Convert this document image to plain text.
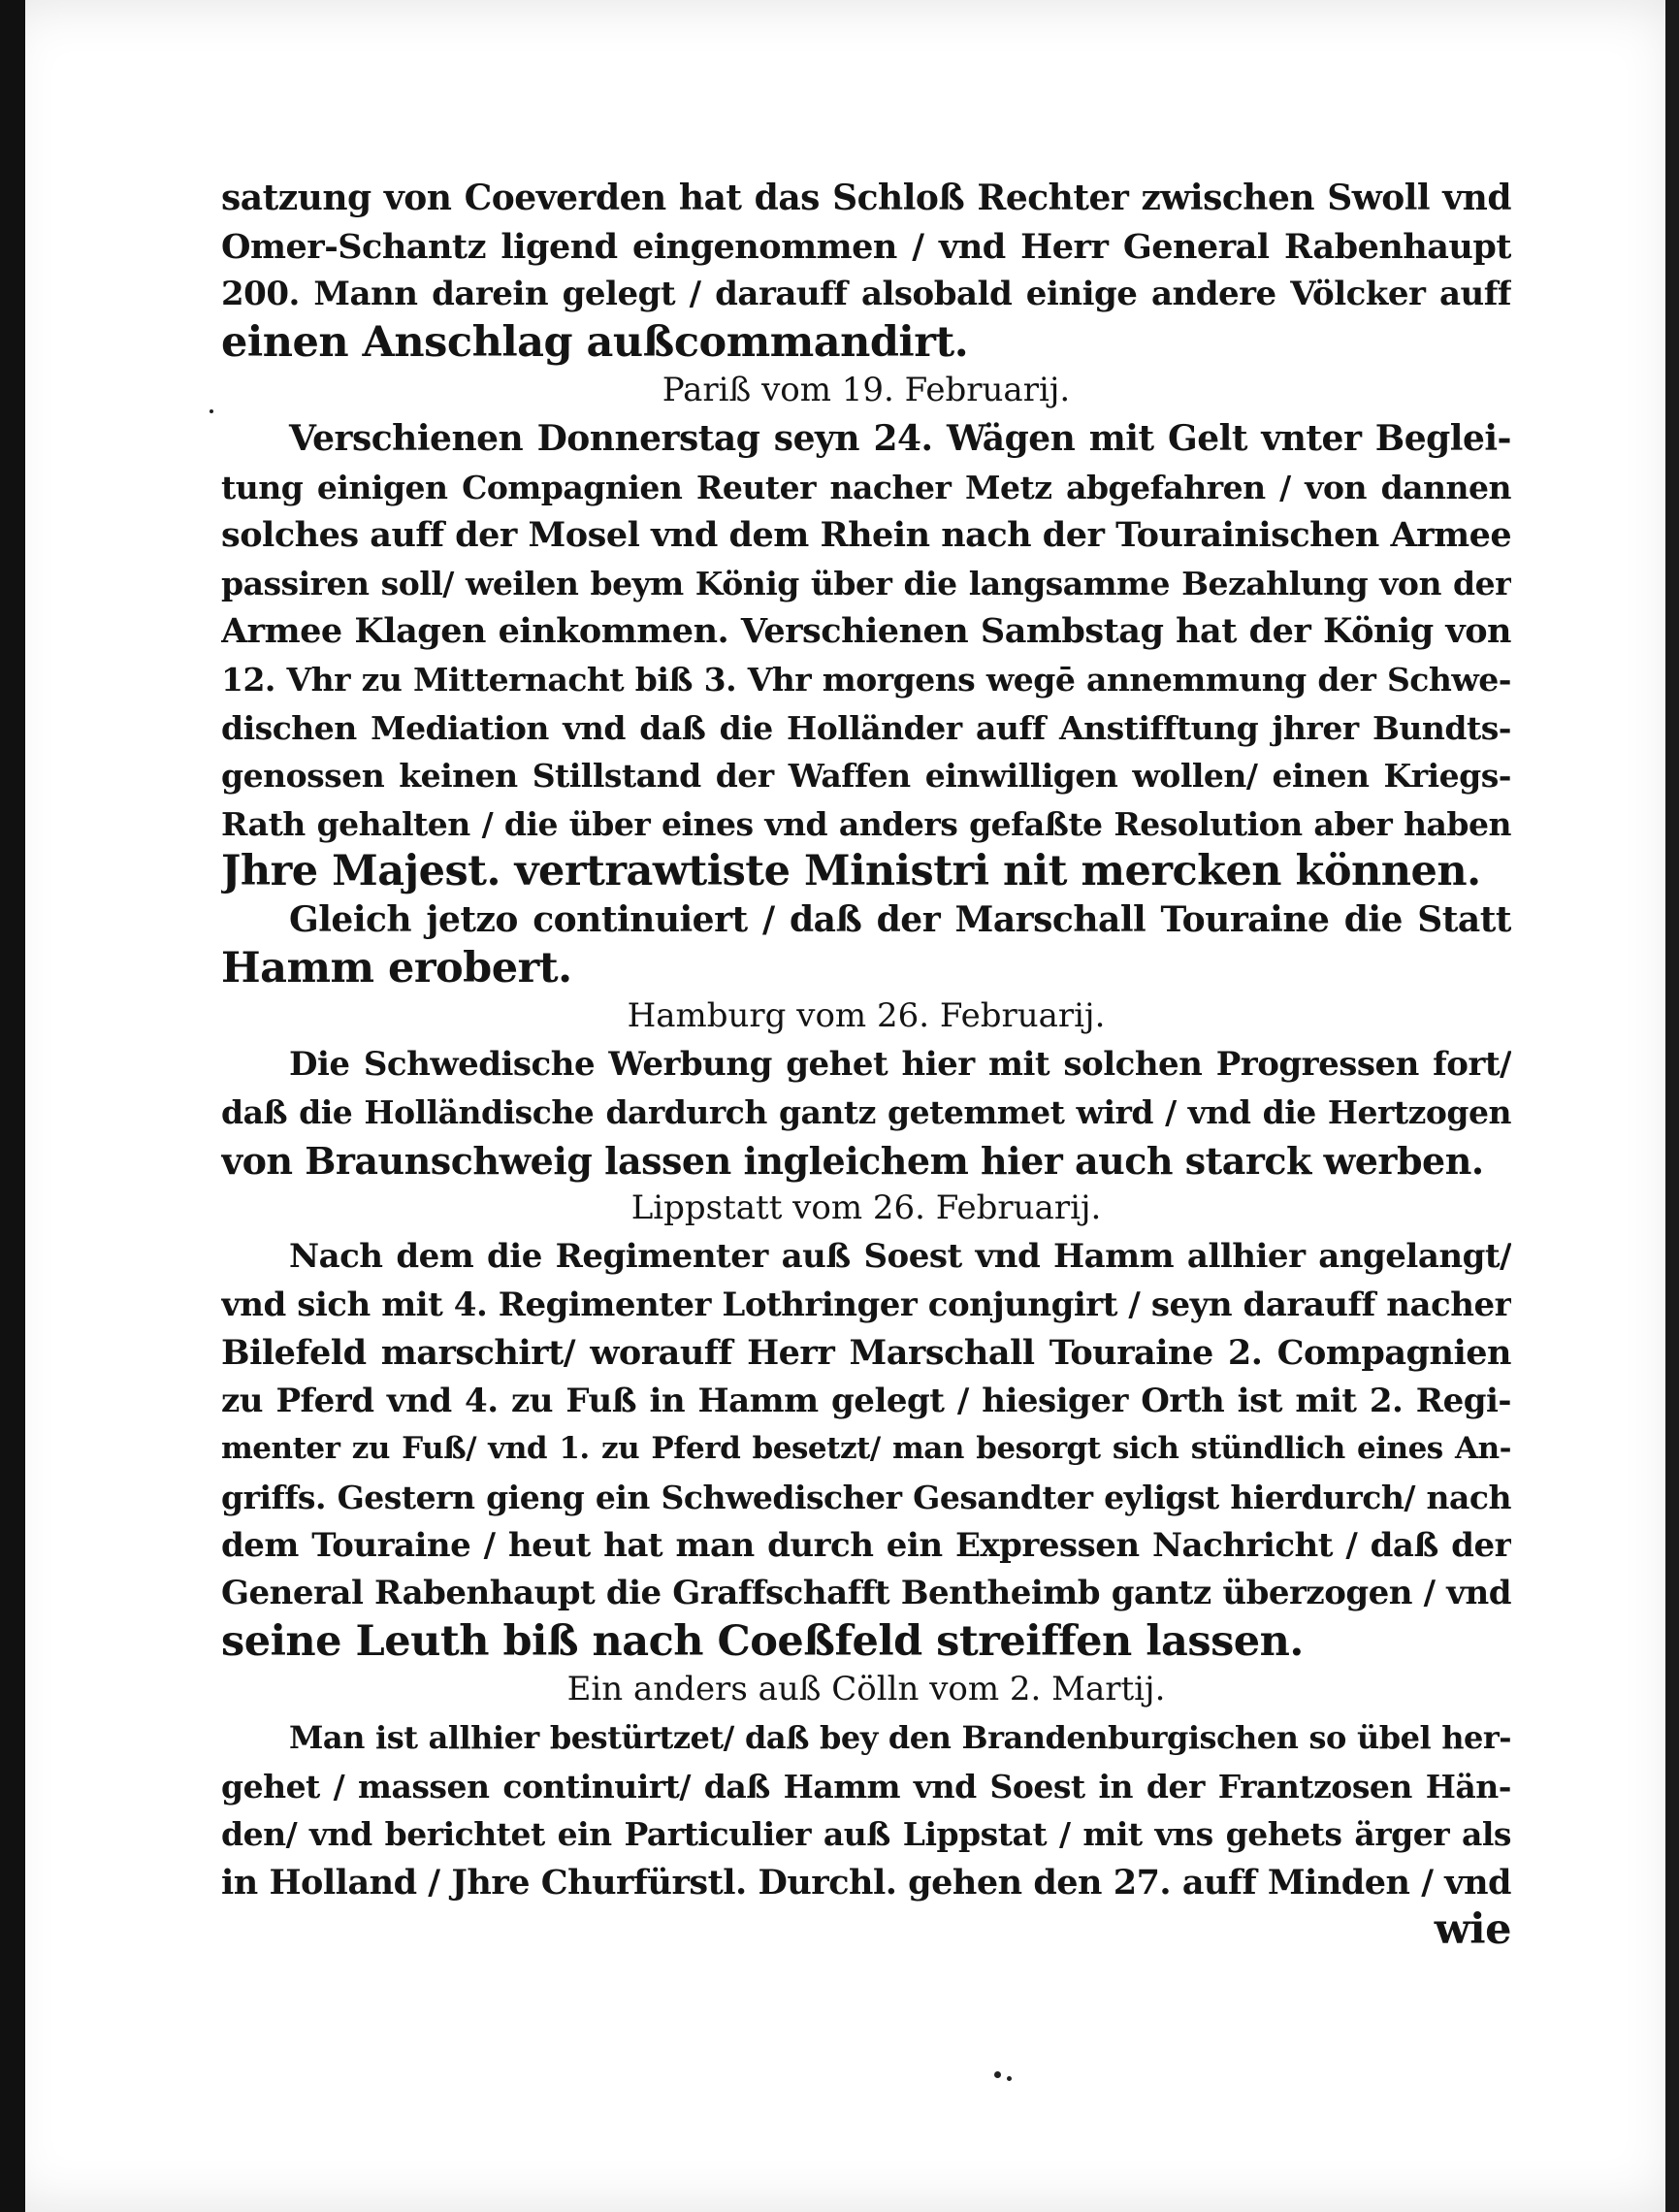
satzung von Coeverden hat das Schloß Rechter zwischen Swoll vnd
Omer-Schantz ligend eingenommen / vnd Herr General Rabenhaupt
200. Mann darein gelegt / darauff alsobald einige andere Völcker auff
einen Anschlag außcommandirt.
Pariß vom 19. Februarij.
Verschienen Donnerstag seyn 24. Wägen mit Gelt vnter Beglei-
tung einigen Compagnien Reuter nacher Metz abgefahren / von dannen
solches auff der Mosel vnd dem Rhein nach der Tourainischen Armee
passiren soll/ weilen beym König über die langsamme Bezahlung von der
Armee Klagen einkommen. Verschienen Sambstag hat der König von
12. Vhr zu Mitternacht biß 3. Vhr morgens wegē annemmung der Schwe-
dischen Mediation vnd daß die Holländer auff Anstifftung jhrer Bundts-
genossen keinen Stillstand der Waffen einwilligen wollen/ einen Kriegs-
Rath gehalten / die über eines vnd anders gefaßte Resolution aber haben
Jhre Majest. vertrawtiste Ministri nit mercken können.
Gleich jetzo continuiert / daß der Marschall Touraine die Statt
Hamm erobert.
Hamburg vom 26. Februarij.
Die Schwedische Werbung gehet hier mit solchen Progressen fort/
daß die Holländische dardurch gantz getemmet wird / vnd die Hertzogen
von Braunschweig lassen ingleichem hier auch starck werben.
Lippstatt vom 26. Februarij.
Nach dem die Regimenter auß Soest vnd Hamm allhier angelangt/
vnd sich mit 4. Regimenter Lothringer conjungirt / seyn darauff nacher
Bilefeld marschirt/ worauff Herr Marschall Touraine 2. Compagnien
zu Pferd vnd 4. zu Fuß in Hamm gelegt / hiesiger Orth ist mit 2. Regi-
menter zu Fuß/ vnd 1. zu Pferd besetzt/ man besorgt sich stündlich eines An-
griffs. Gestern gieng ein Schwedischer Gesandter eyligst hierdurch/ nach
dem Touraine / heut hat man durch ein Expressen Nachricht / daß der
General Rabenhaupt die Graffschafft Bentheimb gantz überzogen / vnd
seine Leuth biß nach Coeßfeld streiffen lassen.
Ein anders auß Cölln vom 2. Martij.
Man ist allhier bestürtzet/ daß bey den Brandenburgischen so übel her-
gehet / massen continuirt/ daß Hamm vnd Soest in der Frantzosen Hän-
den/ vnd berichtet ein Particulier auß Lippstat / mit vns gehets ärger als
in Holland / Jhre Churfürstl. Durchl. gehen den 27. auff Minden / vnd
wie
